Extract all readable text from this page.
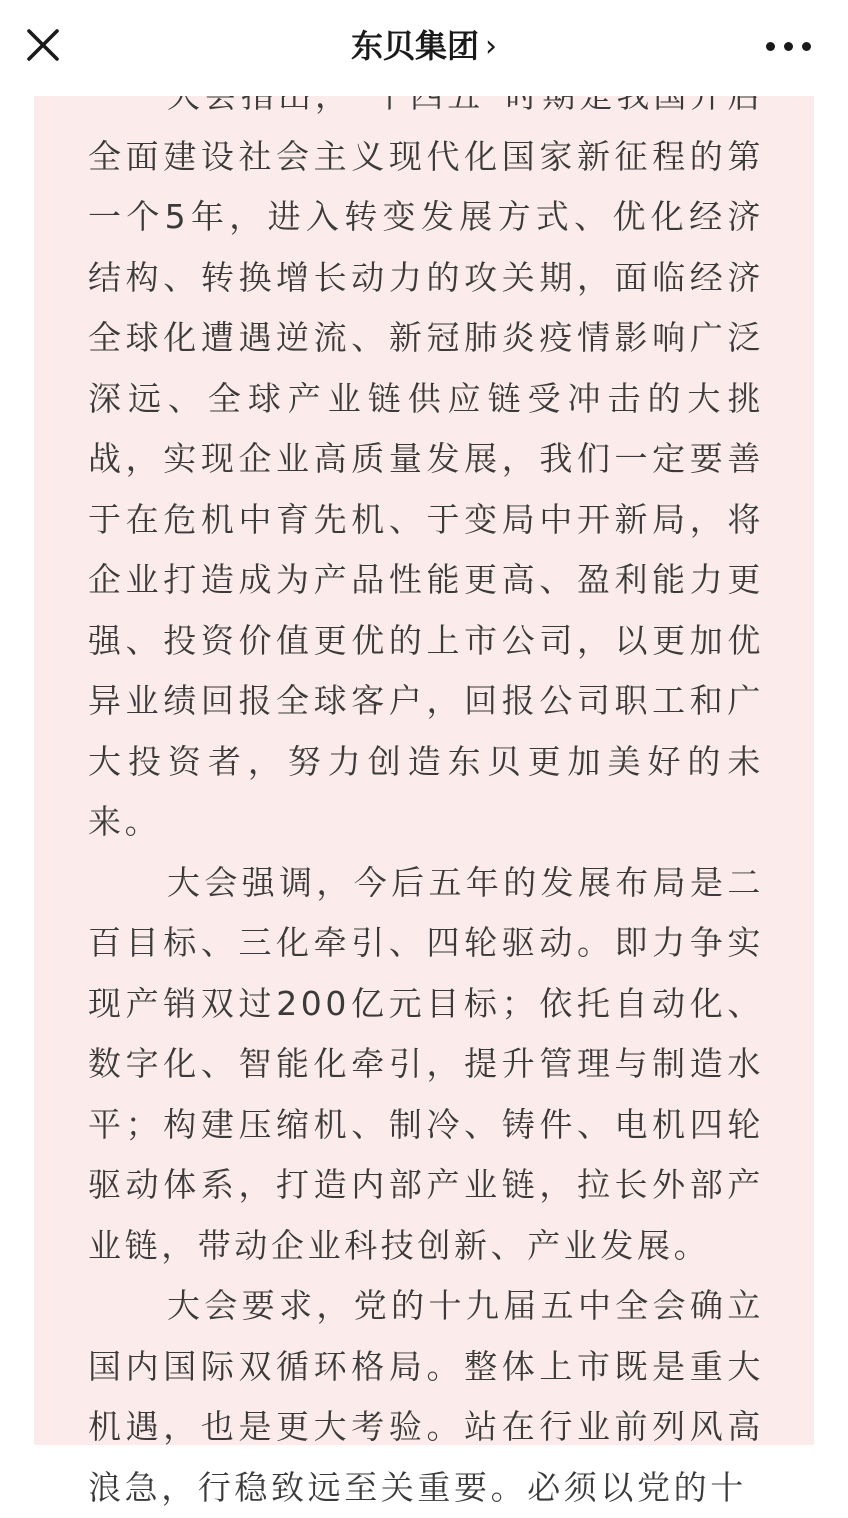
东贝集团 ›

全面建设社会主义现代化国家新征程的第一个5年，进入转变发展方式、优化经济结构、转换增长动力的攻关期，面临经济全球化遭遇逆流、新冠肺炎疫情影响广泛深远、全球产业链供应链受冲击的大挑战，实现企业高质量发展，我们一定要善于在危机中育先机、于变局中开新局，将企业打造成为产品性能更高、盈利能力更强、投资价值更优的上市公司，以更加优异业绩回报全球客户，回报公司职工和广大投资者，努力创造东贝更加美好的未来。

大会强调，今后五年的发展布局是二百目标、三化牵引、四轮驱动。即力争实现产销双过200亿元目标；依托自动化、数字化、智能化牵引，提升管理与制造水平；构建压缩机、制冷、铸件、电机四轮驱动体系，打造内部产业链，拉长外部产业链，带动企业科技创新、产业发展。

大会要求，党的十九届五中全会确立国内国际双循环格局。整体上市既是重大机遇，也是更大考验。站在行业前列风高浪急，行稳致远至关重要。必须以党的十
